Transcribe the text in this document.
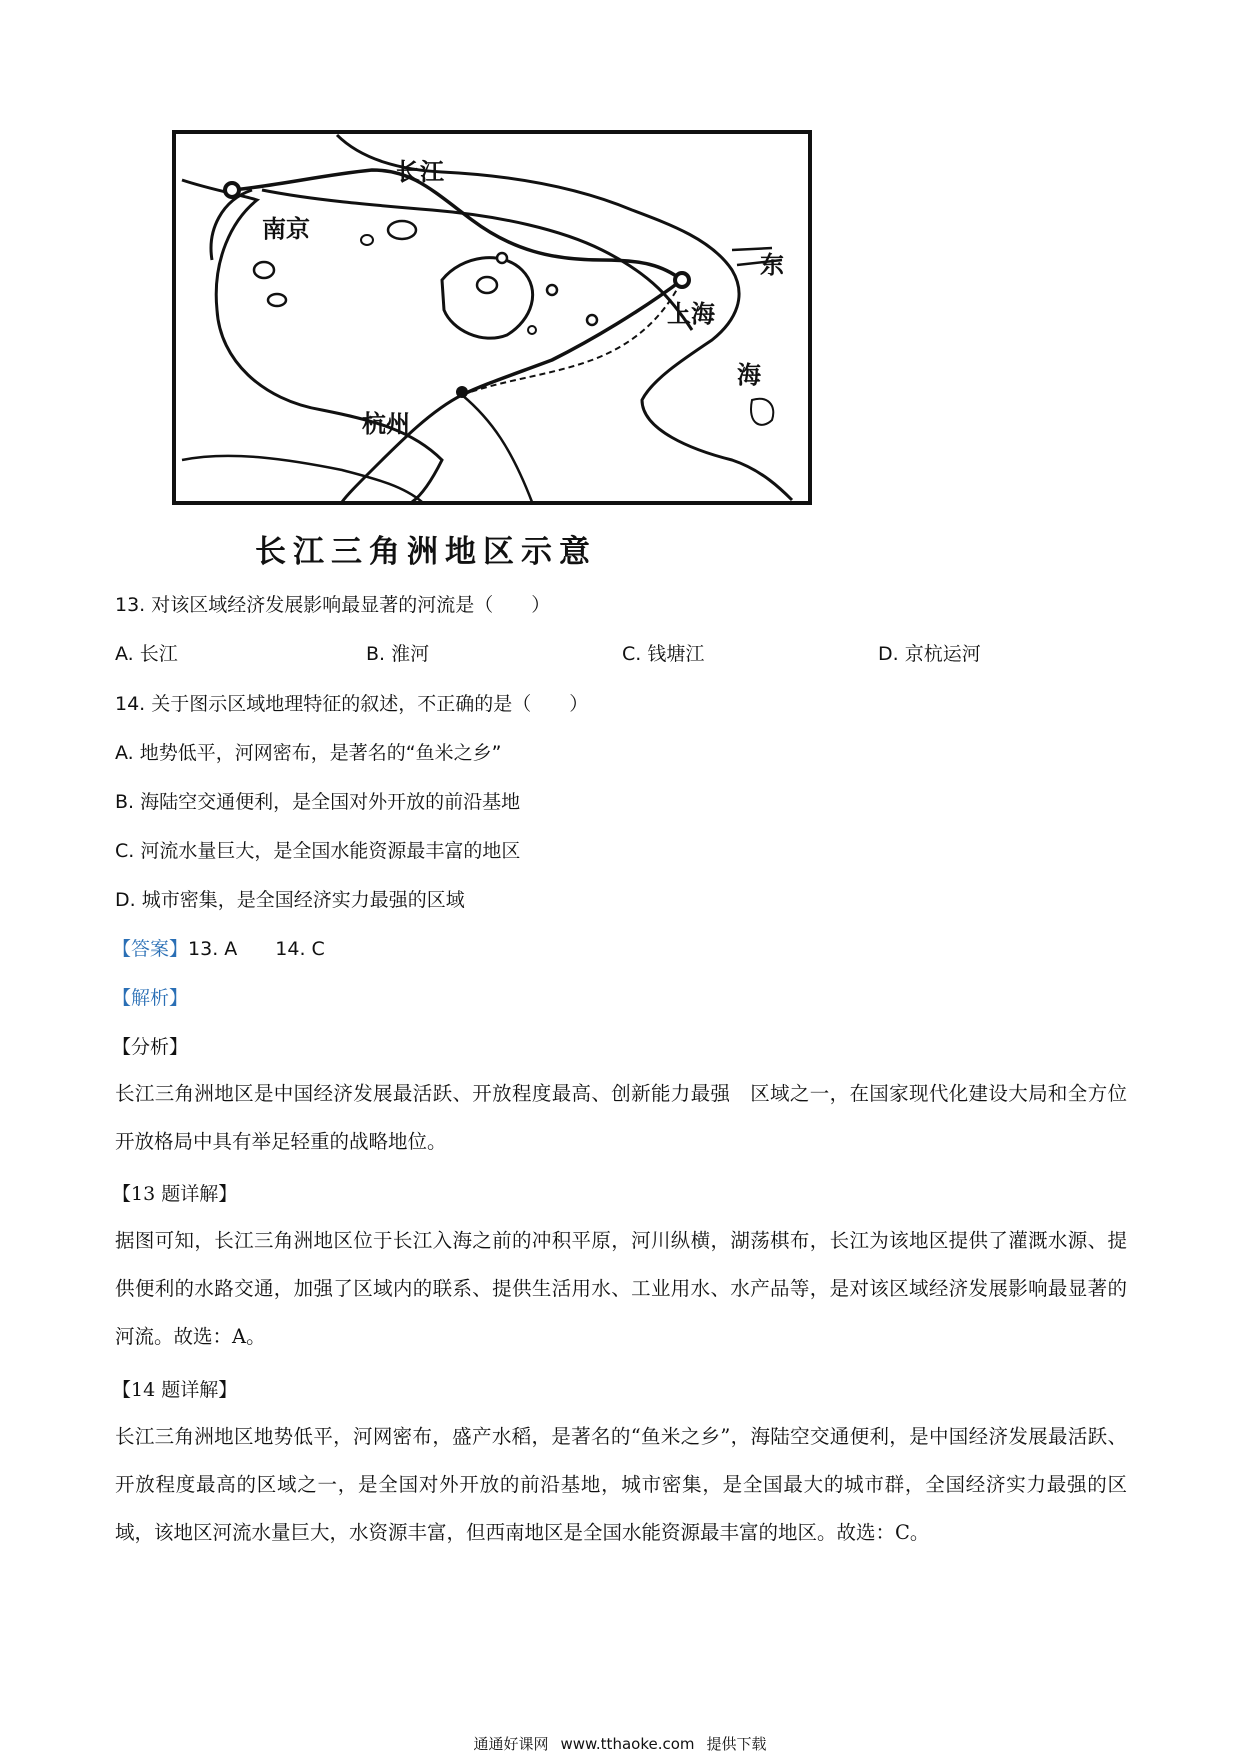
长江
南京
东
上海
海
杭州
长江三角洲地区示意
13. 对该区域经济发展影响最显著的河流是（　　）
A. 长江	B. 淮河	C. 钱塘江	D. 京杭运河
14. 关于图示区域地理特征的叙述，不正确的是（　　）
A. 地势低平，河网密布，是著名的“鱼米之乡”
B. 海陆空交通便利，是全国对外开放的前沿基地
C. 河流水量巨大，是全国水能资源最丰富的地区
D. 城市密集，是全国经济实力最强的区域
【答案】13. A　　14. C
【解析】
【分析】
长江三角洲地区是中国经济发展最活跃、开放程度最高、创新能力最强　区域之一，在国家现代化建设大局和全方位开放格局中具有举足轻重的战略地位。
【13 题详解】
据图可知，长江三角洲地区位于长江入海之前的冲积平原，河川纵横，湖荡棋布，长江为该地区提供了灌溉水源、提供便利的水路交通，加强了区域内的联系、提供生活用水、工业用水、水产品等，是对该区域经济发展影响最显著的河流。故选：A。
【14 题详解】
长江三角洲地区地势低平，河网密布，盛产水稻，是著名的“鱼米之乡”，海陆空交通便利，是中国经济发展最活跃、开放程度最高的区域之一，是全国对外开放的前沿基地，城市密集，是全国最大的城市群，全国经济实力最强的区域，该地区河流水量巨大，水资源丰富，但西南地区是全国水能资源最丰富的地区。故选：C。
通通好课网 www.tthaoke.com 提供下载
